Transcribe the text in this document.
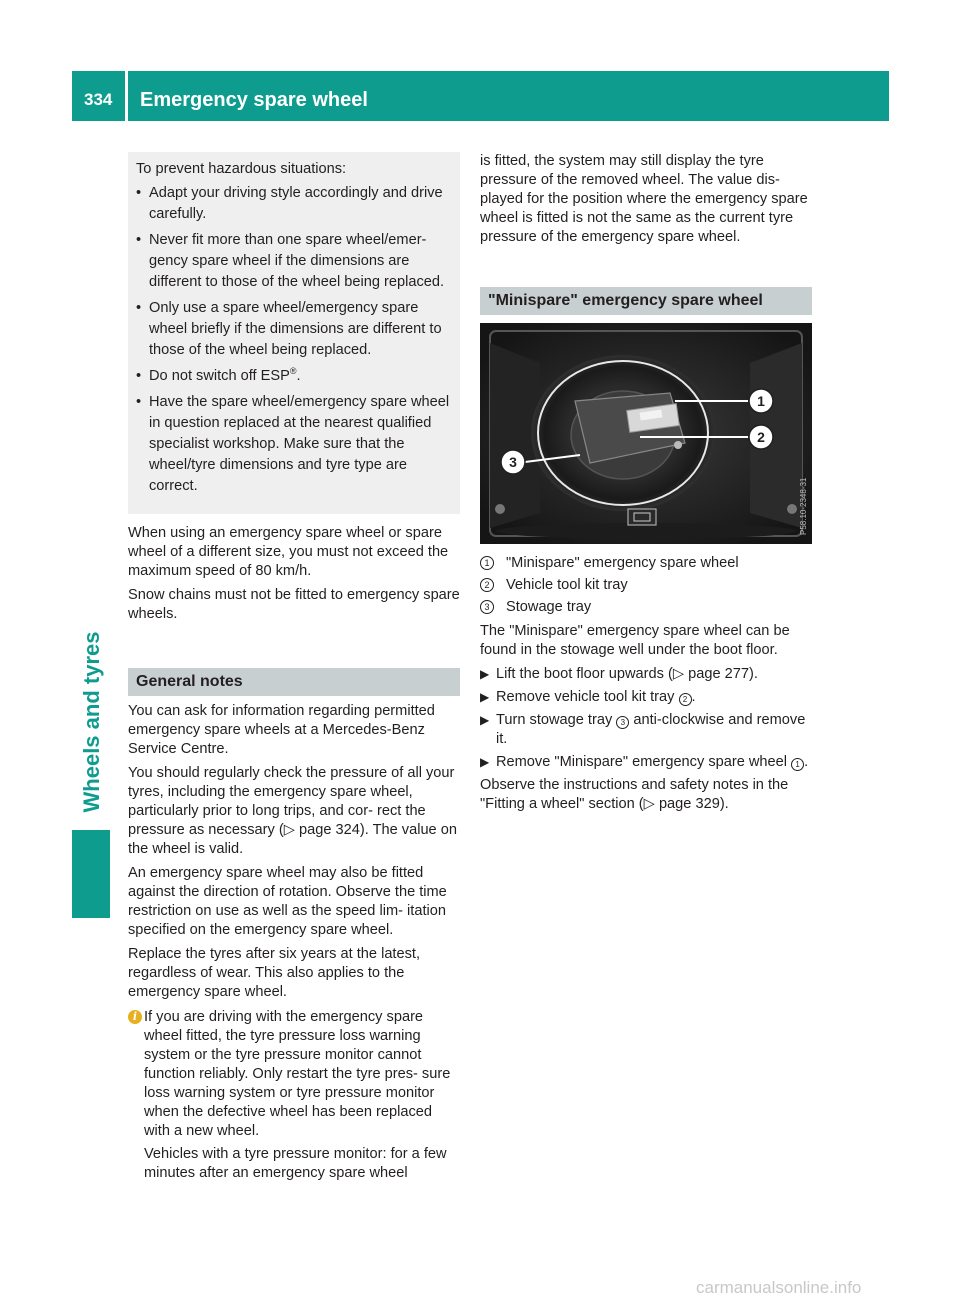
334	Emergency spare wheel
Wheels and tyres

To prevent hazardous situations:

• Adapt your driving style accordingly and drive carefully.
• Never fit more than one spare wheel/emer- gency spare wheel if the dimensions are different to those of the wheel being replaced.
• Only use a spare wheel/emergency spare wheel briefly if the dimensions are different to those of the wheel being replaced.
• Do not switch off ESP®.
• Have the spare wheel/emergency spare wheel in question replaced at the nearest qualified specialist workshop. Make sure that the wheel/tyre dimensions and tyre type are correct.

When using an emergency spare wheel or spare wheel of a different size, you must not exceed the maximum speed of 80 km/h.

Snow chains must not be fitted to emergency spare wheels.

General notes

You can ask for information regarding permitted emergency spare wheels at a Mercedes-Benz Service Centre.

You should regularly check the pressure of all your tyres, including the emergency spare wheel, particularly prior to long trips, and cor- rect the pressure as necessary (▷ page 324). The value on the wheel is valid.

An emergency spare wheel may also be fitted against the direction of rotation. Observe the time restriction on use as well as the speed lim- itation specified on the emergency spare wheel.

Replace the tyres after six years at the latest, regardless of wear. This also applies to the emergency spare wheel.

i If you are driving with the emergency spare wheel fitted, the tyre pressure loss warning system or the tyre pressure monitor cannot function reliably. Only restart the tyre pres- sure loss warning system or tyre pressure monitor when the defective wheel has been replaced with a new wheel.

Vehicles with a tyre pressure monitor: for a few minutes after an emergency spare wheel

is fitted, the system may still display the tyre pressure of the removed wheel. The value dis- played for the position where the emergency spare wheel is fitted is not the same as the current tyre pressure of the emergency spare wheel.

"Minispare" emergency spare wheel
1
2
3
P58.10-2348-31
1	"Minispare" emergency spare wheel
2	Vehicle tool kit tray
3	Stowage tray

The "Minispare" emergency spare wheel can be found in the stowage well under the boot floor.

▶ Lift the boot floor upwards (▷ page 277).
▶ Remove vehicle tool kit tray 2 .
▶ Turn stowage tray 3 anti-clockwise and remove it.
▶ Remove "Minispare" emergency spare wheel 1 .

Observe the instructions and safety notes in the "Fitting a wheel" section (▷ page 329).

carmanualsonline.info
